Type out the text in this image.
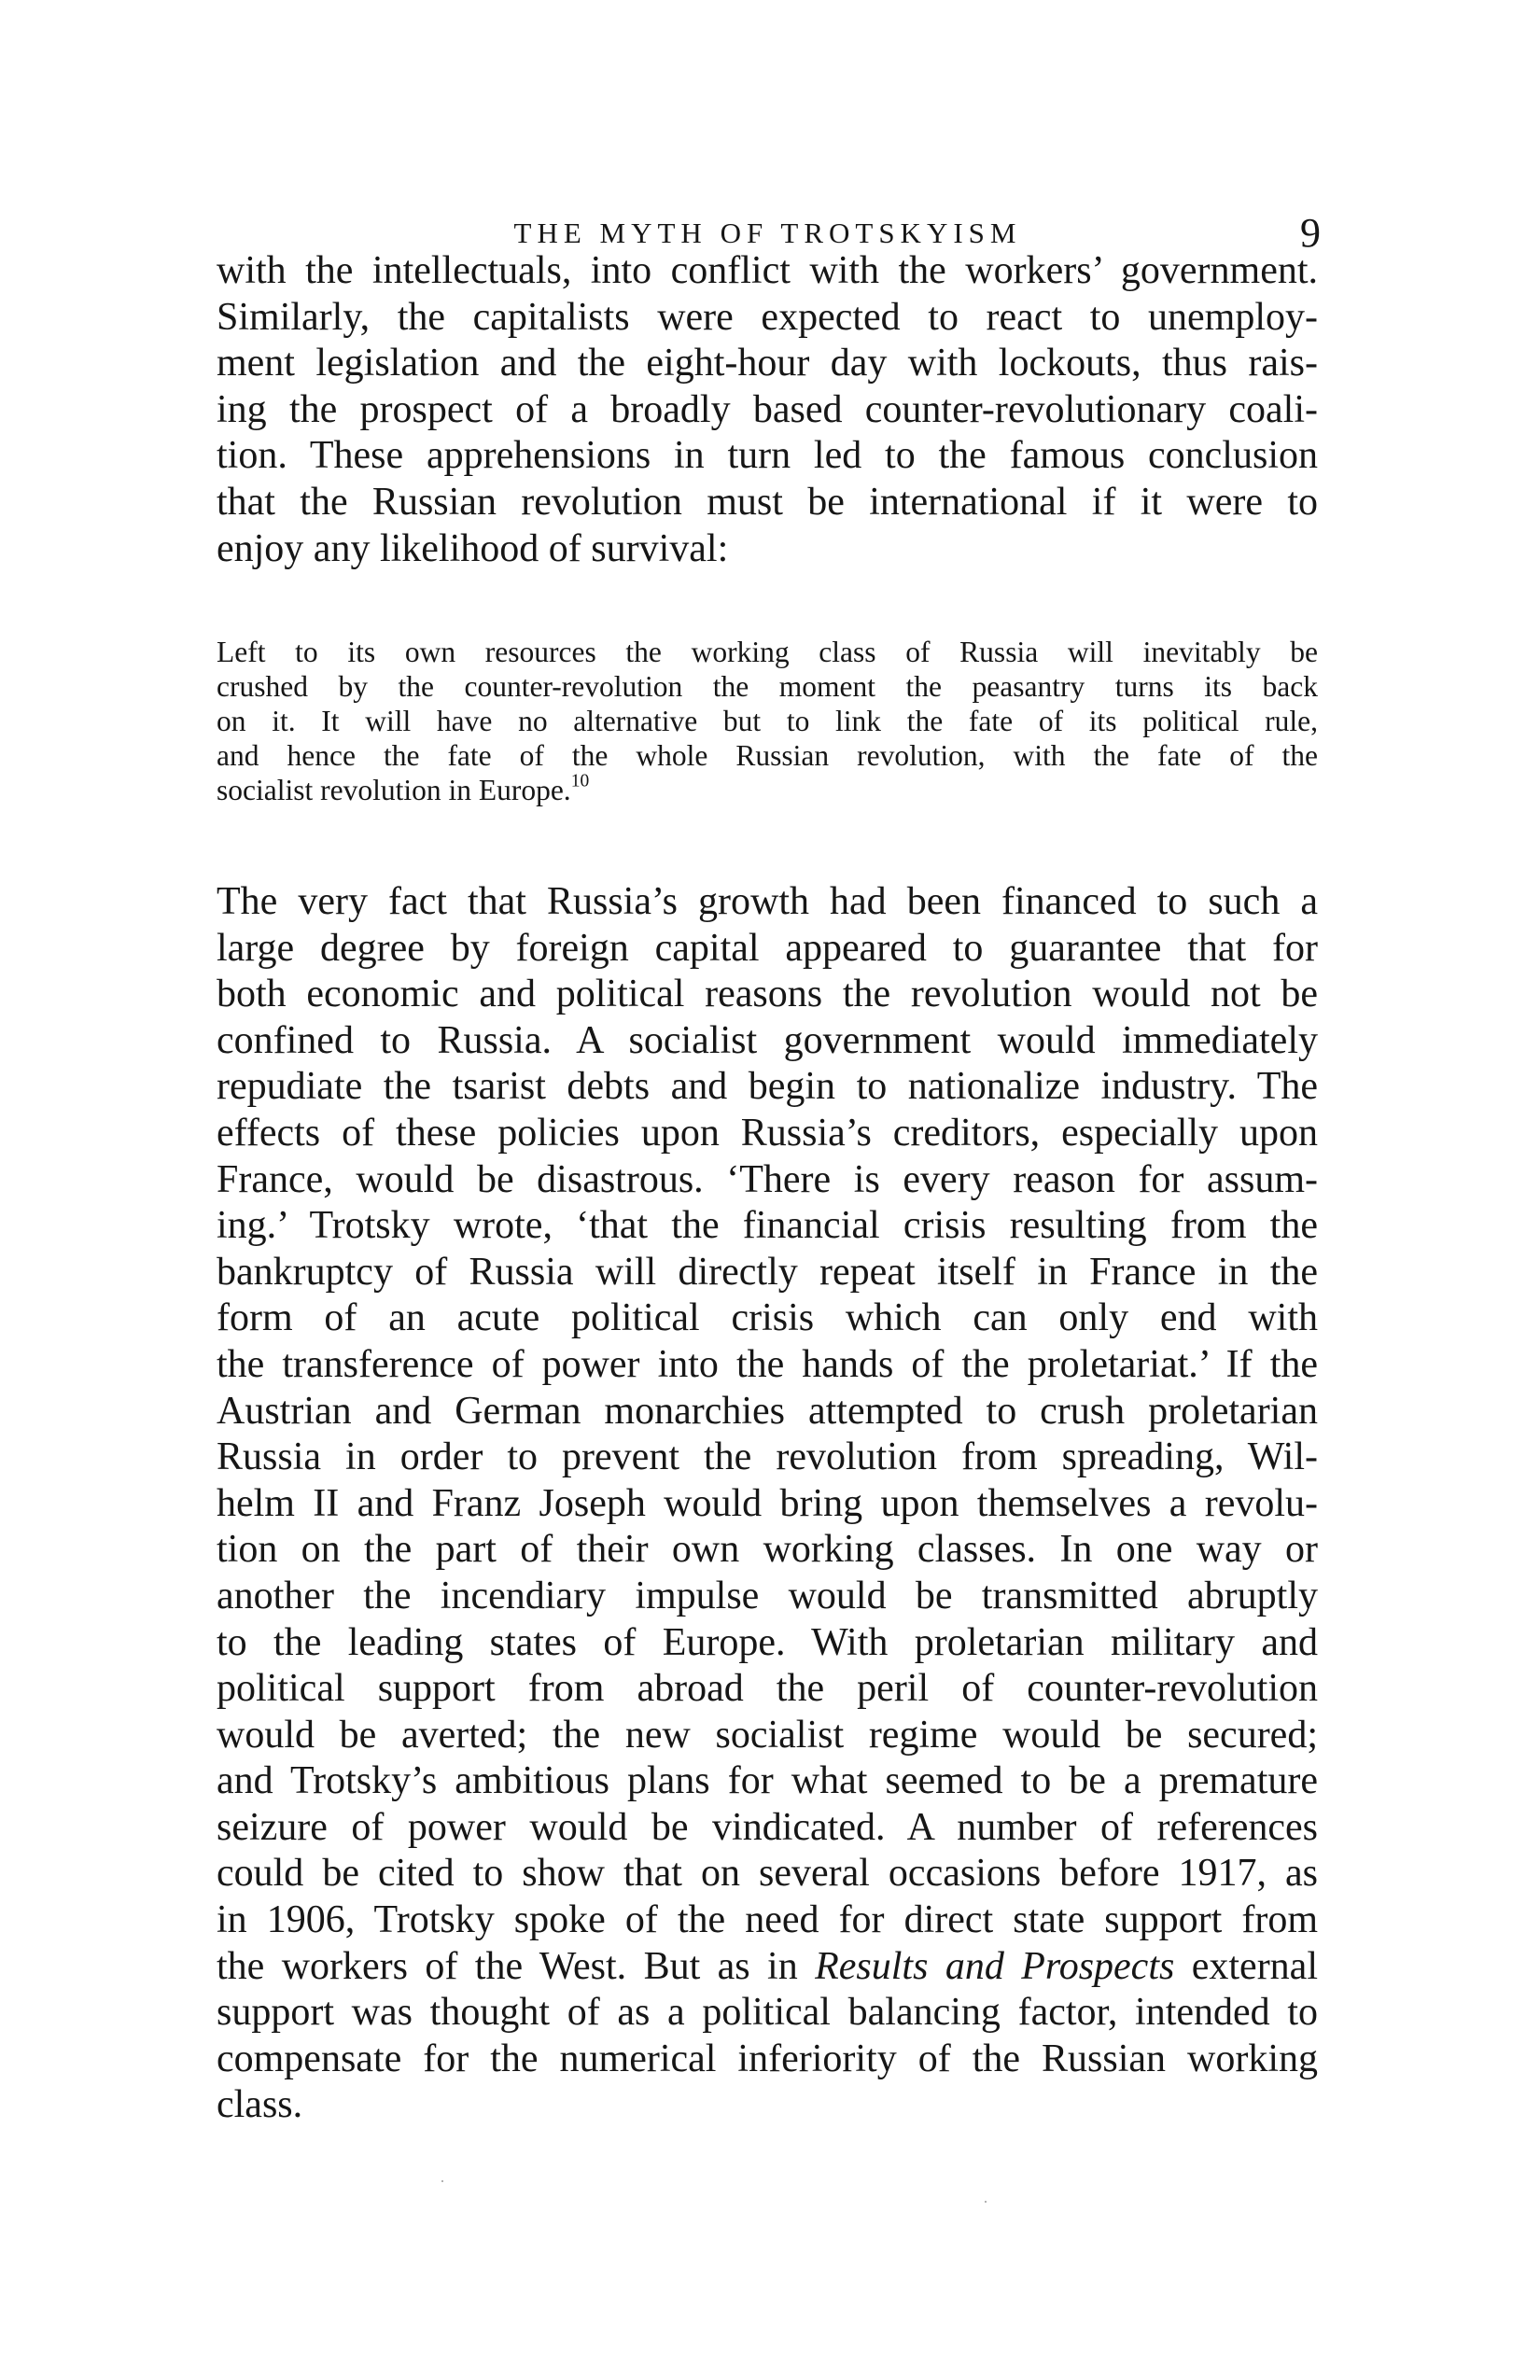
THE MYTH OF TROTSKYISM	9
with the intellectuals, into conflict with the workers’ government.
Similarly, the capitalists were expected to react to unemploy-
ment legislation and the eight-hour day with lockouts, thus rais-
ing the prospect of a broadly based counter-revolutionary coali-
tion. These apprehensions in turn led to the famous conclusion
that the Russian revolution must be international if it were to
enjoy any likelihood of survival:
Left to its own resources the working class of Russia will inevitably be
crushed by the counter-revolution the moment the peasantry turns its back
on it. It will have no alternative but to link the fate of its political rule,
and hence the fate of the whole Russian revolution, with the fate of the
socialist revolution in Europe.$^{10}$
The very fact that Russia’s growth had been financed to such a
large degree by foreign capital appeared to guarantee that for
both economic and political reasons the revolution would not be
confined to Russia. A socialist government would immediately
repudiate the tsarist debts and begin to nationalize industry. The
effects of these policies upon Russia’s creditors, especially upon
France, would be disastrous. ‘There is every reason for assum-
ing.’ Trotsky wrote, ‘that the financial crisis resulting from the
bankruptcy of Russia will directly repeat itself in France in the
form of an acute political crisis which can only end with
the transference of power into the hands of the proletariat.’ If the
Austrian and German monarchies attempted to crush proletarian
Russia in order to prevent the revolution from spreading, Wil-
helm II and Franz Joseph would bring upon themselves a revolu-
tion on the part of their own working classes. In one way or
another the incendiary impulse would be transmitted abruptly
to the leading states of Europe. With proletarian military and
political support from abroad the peril of counter-revolution
would be averted; the new socialist regime would be secured;
and Trotsky’s ambitious plans for what seemed to be a premature
seizure of power would be vindicated. A number of references
could be cited to show that on several occasions before 1917, as
in 1906, Trotsky spoke of the need for direct state support from
the workers of the West. But as in Results and Prospects external
support was thought of as a political balancing factor, intended to
compensate for the numerical inferiority of the Russian working
class.
